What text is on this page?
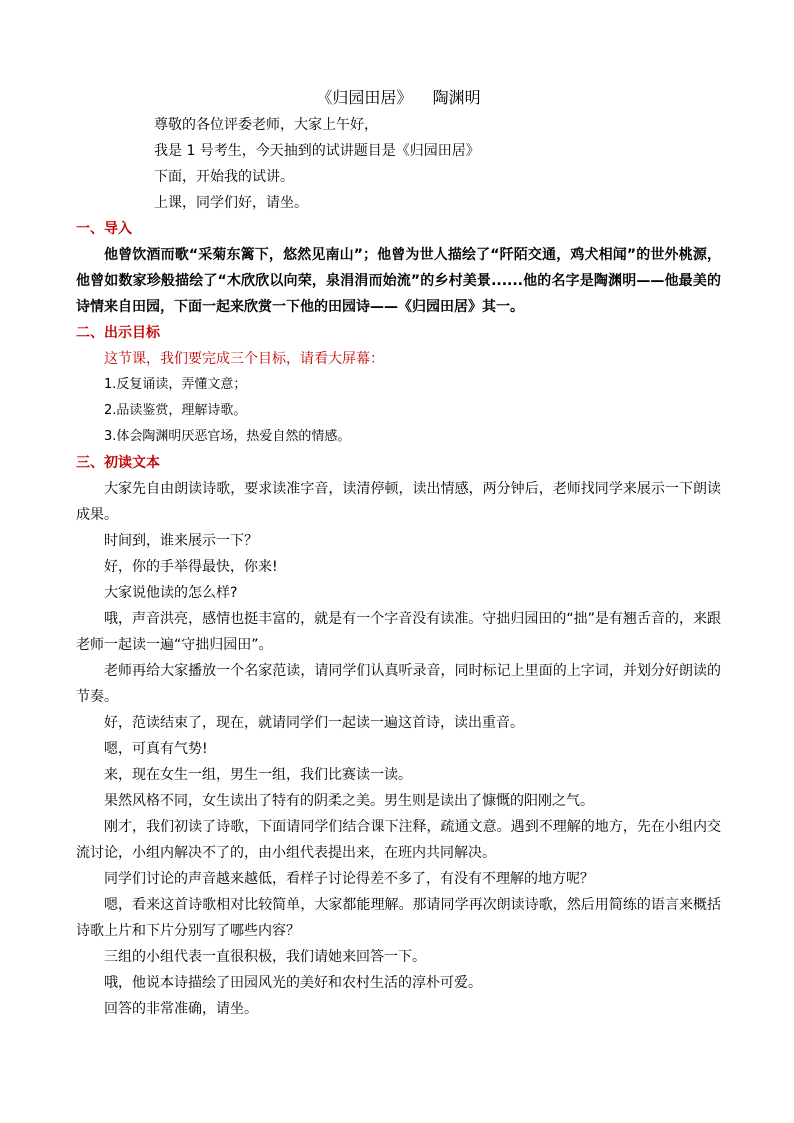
《归园田居》    陶渊明
尊敬的各位评委老师，大家上午好，
我是 1 号考生，今天抽到的试讲题目是《归园田居》
下面，开始我的试讲。
上课，同学们好，请坐。
一、导入
他曾饮酒而歌“采菊东篱下，悠然见南山”；他曾为世人描绘了“阡陌交通，鸡犬相闻”的世外桃源，他曾如数家珍般描绘了“木欣欣以向荣，泉涓涓而始流”的乡村美景......他的名字是陶渊明——他最美的诗情来自田园，下面一起来欣赏一下他的田园诗——《归园田居》其一。
二、出示目标
这节课，我们要完成三个目标，请看大屏幕：
1.反复诵读，弄懂文意；
2.品读鉴赏，理解诗歌。
3.体会陶渊明厌恶官场，热爱自然的情感。
三、初读文本
大家先自由朗读诗歌，要求读准字音，读清停顿，读出情感，两分钟后，老师找同学来展示一下朗读成果。
时间到，谁来展示一下？
好，你的手举得最快，你来!
大家说他读的怎么样?
哦，声音洪亮，感情也挺丰富的，就是有一个字音没有读准。守拙归园田的“拙”是有翘舌音的，来跟老师一起读一遍“守拙归园田”。
老师再给大家播放一个名家范读，请同学们认真听录音，同时标记上里面的上字词，并划分好朗读的节奏。
好，范读结束了，现在，就请同学们一起读一遍这首诗，读出重音。
嗯，可真有气势!
来，现在女生一组，男生一组，我们比赛读一读。
果然风格不同，女生读出了特有的阴柔之美。男生则是读出了慷慨的阳刚之气。
刚才，我们初读了诗歌，下面请同学们结合课下注释，疏通文意。遇到不理解的地方，先在小组内交流讨论，小组内解决不了的，由小组代表提出来，在班内共同解决。
同学们讨论的声音越来越低，看样子讨论得差不多了，有没有不理解的地方呢？
嗯，看来这首诗歌相对比较简单，大家都能理解。那请同学再次朗读诗歌，然后用简练的语言来概括诗歌上片和下片分别写了哪些内容？
三组的小组代表一直很积极，我们请她来回答一下。
哦，他说本诗描绘了田园风光的美好和农村生活的淳朴可爱。
回答的非常准确，请坐。
